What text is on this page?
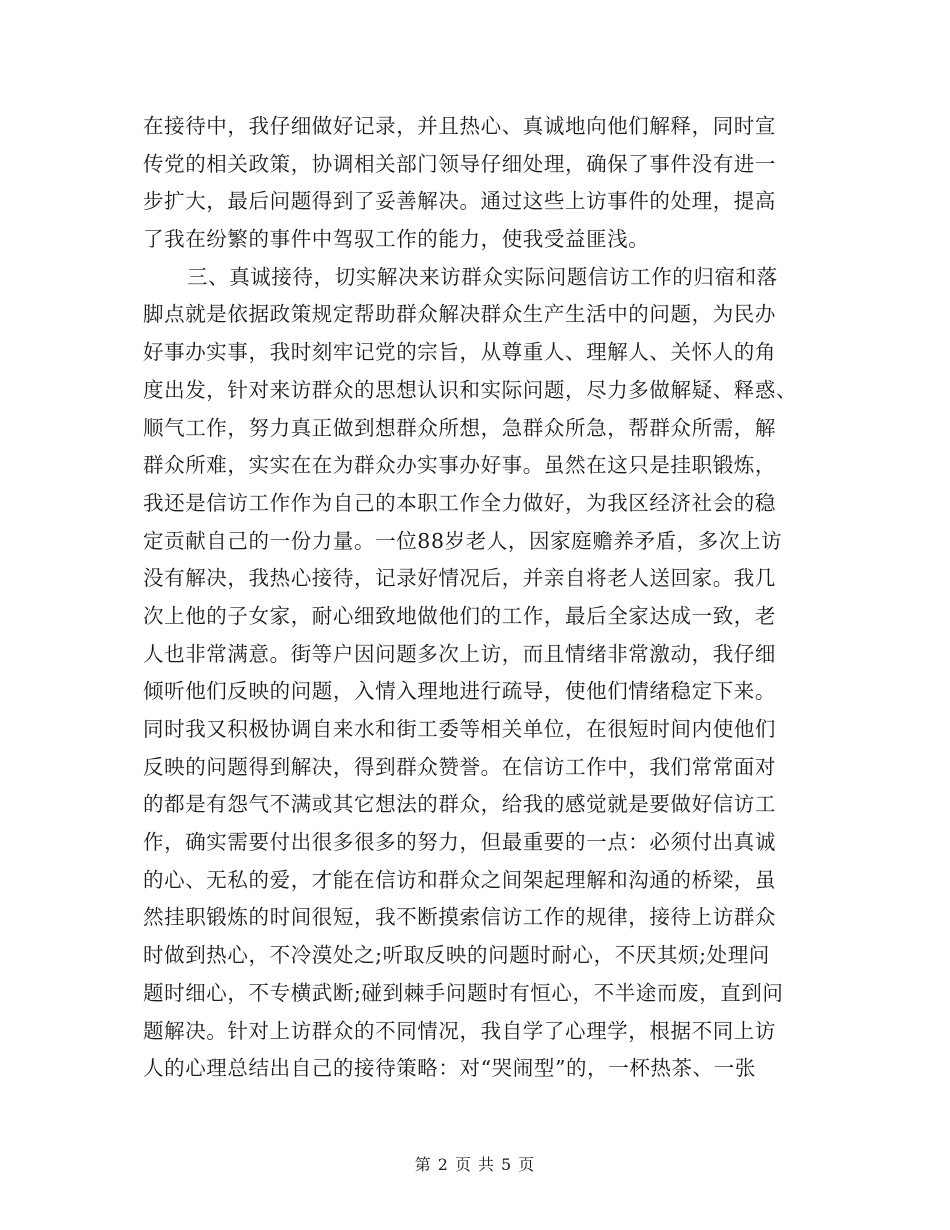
在接待中，我仔细做好记录，并且热心、真诚地向他们解释，同时宣
传党的相关政策，协调相关部门领导仔细处理，确保了事件没有进一
步扩大，最后问题得到了妥善解决。通过这些上访事件的处理，提高
了我在纷繁的事件中驾驭工作的能力，使我受益匪浅。
三、真诚接待，切实解决来访群众实际问题信访工作的归宿和落
脚点就是依据政策规定帮助群众解决群众生产生活中的问题，为民办
好事办实事，我时刻牢记党的宗旨，从尊重人、理解人、关怀人的角
度出发，针对来访群众的思想认识和实际问题，尽力多做解疑、释惑、
顺气工作，努力真正做到想群众所想，急群众所急，帮群众所需，解
群众所难，实实在在为群众办实事办好事。虽然在这只是挂职锻炼，
我还是信访工作作为自己的本职工作全力做好，为我区经济社会的稳
定贡献自己的一份力量。一位88岁老人，因家庭赡养矛盾，多次上访
没有解决，我热心接待，记录好情况后，并亲自将老人送回家。我几
次上他的子女家，耐心细致地做他们的工作，最后全家达成一致，老
人也非常满意。街等户因问题多次上访，而且情绪非常激动，我仔细
倾听他们反映的问题，入情入理地进行疏导，使他们情绪稳定下来。
同时我又积极协调自来水和街工委等相关单位，在很短时间内使他们
反映的问题得到解决，得到群众赞誉。在信访工作中，我们常常面对
的都是有怨气不满或其它想法的群众，给我的感觉就是要做好信访工
作，确实需要付出很多很多的努力，但最重要的一点：必须付出真诚
的心、无私的爱，才能在信访和群众之间架起理解和沟通的桥梁，虽
然挂职锻炼的时间很短，我不断摸索信访工作的规律，接待上访群众
时做到热心，不冷漠处之;听取反映的问题时耐心，不厌其烦;处理问
题时细心，不专横武断;碰到棘手问题时有恒心，不半途而废，直到问
题解决。针对上访群众的不同情况，我自学了心理学，根据不同上访
人的心理总结出自己的接待策略：对“哭闹型”的，一杯热茶、一张
第 2 页 共 5 页
